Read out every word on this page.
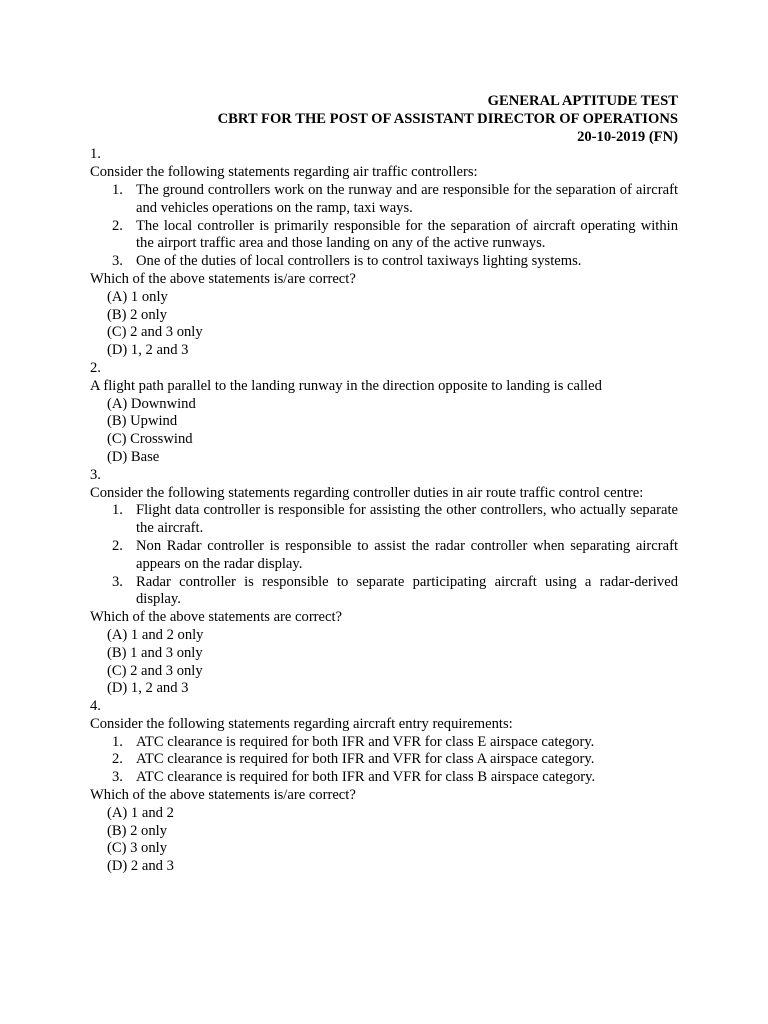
GENERAL APTITUDE TEST
CBRT FOR THE POST OF ASSISTANT DIRECTOR OF OPERATIONS
20-10-2019 (FN)
1.
Consider the following statements regarding air traffic controllers:
1. The ground controllers work on the runway and are responsible for the separation of aircraft and vehicles operations on the ramp, taxi ways.
2. The local controller is primarily responsible for the separation of aircraft operating within the airport traffic area and those landing on any of the active runways.
3. One of the duties of local controllers is to control taxiways lighting systems.
Which of the above statements is/are correct?
(A) 1 only
(B) 2 only
(C) 2 and 3 only
(D) 1, 2 and 3
2.
A flight path parallel to the landing runway in the direction opposite to landing is called
(A) Downwind
(B) Upwind
(C) Crosswind
(D) Base
3.
Consider the following statements regarding controller duties in air route traffic control centre:
1. Flight data controller is responsible for assisting the other controllers, who actually separate the aircraft.
2. Non Radar controller is responsible to assist the radar controller when separating aircraft appears on the radar display.
3. Radar controller is responsible to separate participating aircraft using a radar-derived display.
Which of the above statements are correct?
(A) 1 and 2 only
(B) 1 and 3 only
(C) 2 and 3 only
(D) 1, 2 and 3
4.
Consider the following statements regarding aircraft entry requirements:
1. ATC clearance is required for both IFR and VFR for class E airspace category.
2. ATC clearance is required for both IFR and VFR for class A airspace category.
3. ATC clearance is required for both IFR and VFR for class B airspace category.
Which of the above statements is/are correct?
(A) 1 and 2
(B) 2 only
(C) 3 only
(D) 2 and 3
